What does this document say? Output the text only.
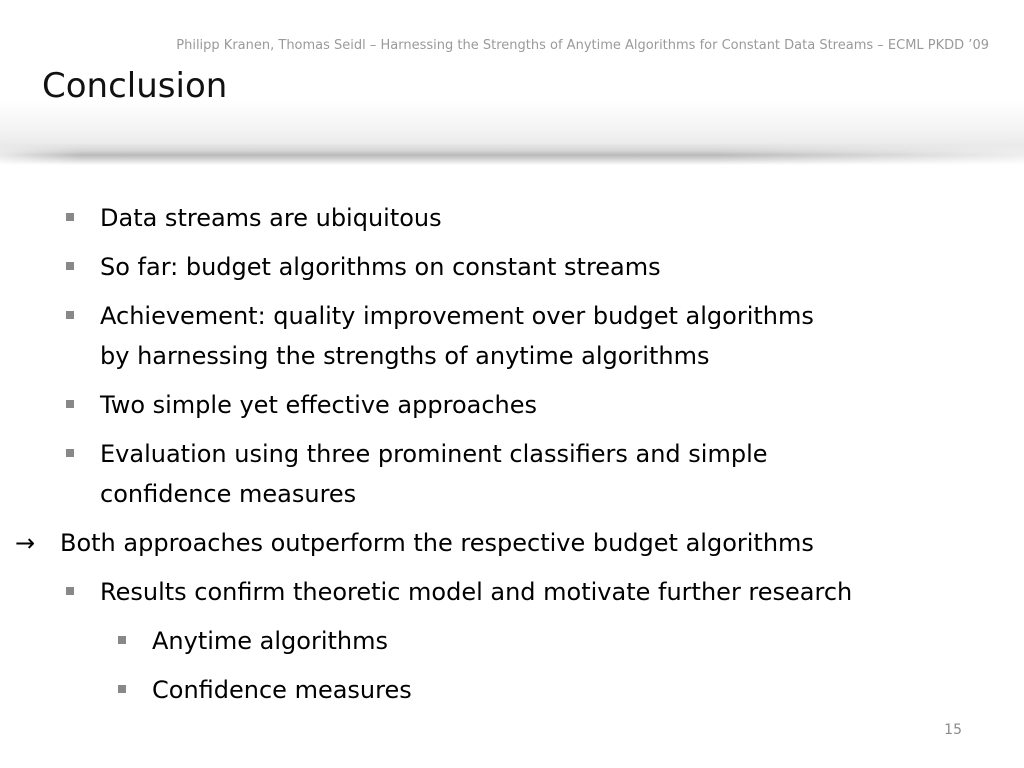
Philipp Kranen, Thomas Seidl – Harnessing the Strengths of Anytime Algorithms for Constant Data Streams – ECML PKDD ’09
Conclusion
Data streams are ubiquitous
So far: budget algorithms on constant streams
Achievement: quality improvement over budget algorithms
by harnessing the strengths of anytime algorithms
Two simple yet effective approaches
Evaluation using three prominent classifiers and simple
confidence measures
→ Both approaches outperform the respective budget algorithms
Results confirm theoretic model and motivate further research
Anytime algorithms
Confidence measures
15
